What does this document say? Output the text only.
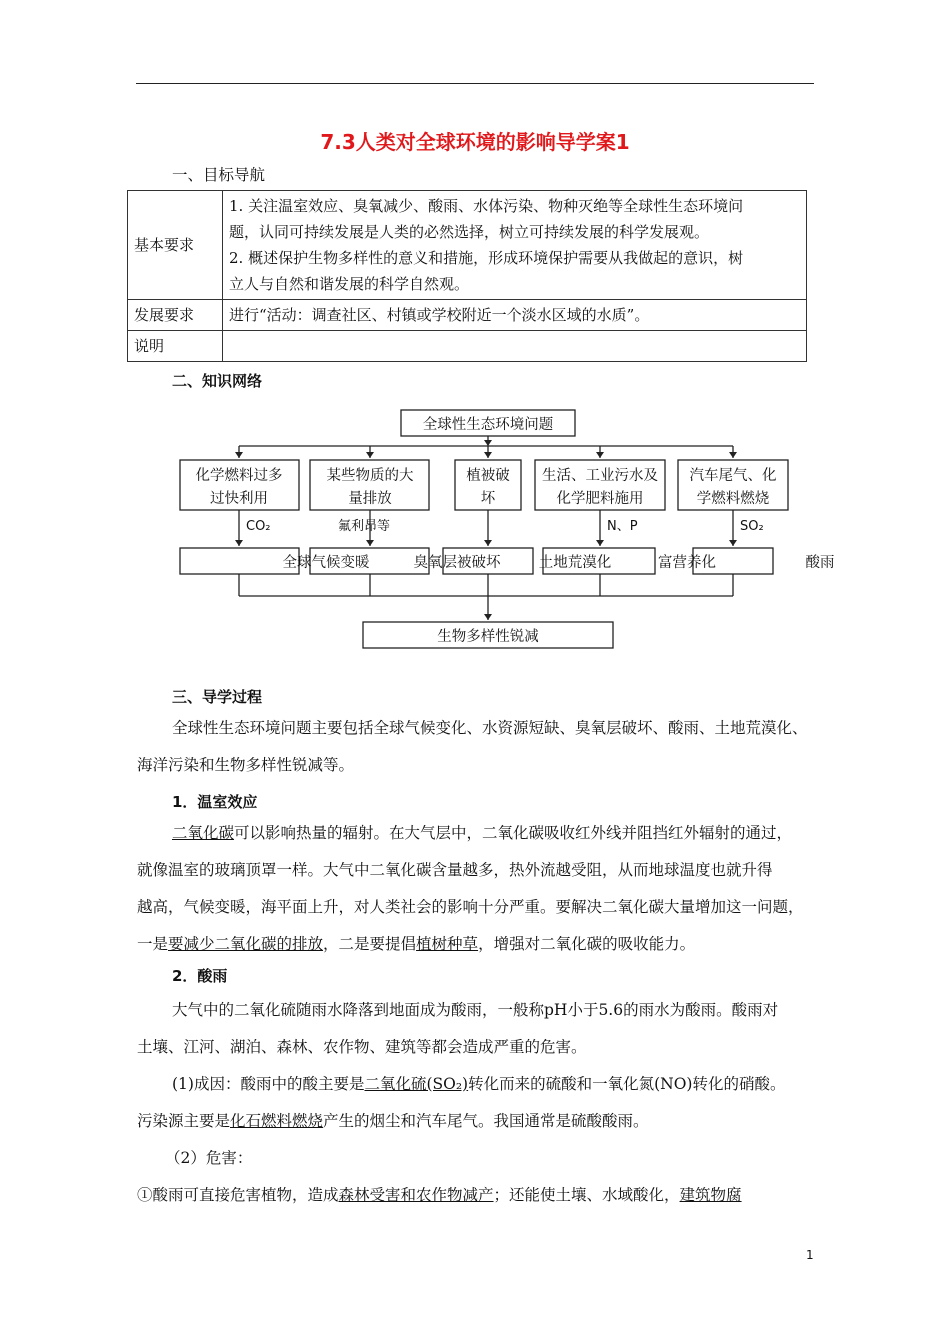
7.3人类对全球环境的影响导学案1
一、目标导航
基本要求	1. 关注温室效应、臭氧减少、酸雨、水体污染、物种灭绝等全球性生态环境问
题，认同可持续发展是人类的必然选择，树立可持续发展的科学发展观。
2. 概述保护生物多样性的意义和措施，形成环境保护需要从我做起的意识，树
立人与自然和谐发展的科学自然观。

发展要求	进行“活动：调查社区、村镇或学校附近一个淡水区域的水质”。
说明	
二、知识网络
全球性生态环境问题
化学燃料过多
过快利用
某些物质的大
量排放
植被破
坏
生活、工业污水及
化学肥料施用
汽车尾气、化
学燃料燃烧
全球气候变暖	臭氧层被破坏	土地荒漠化	富营养化	酸雨
生物多样性锐减
CO₂	氟利昂等	N、P	SO₂
三、导学过程
全球性生态环境问题主要包括全球气候变化、水资源短缺、臭氧层破坏、酸雨、土地荒漠化、
海洋污染和生物多样性锐减等。
1．温室效应
二氧化碳可以影响热量的辐射。在大气层中，二氧化碳吸收红外线并阻挡红外辐射的通过，
就像温室的玻璃顶罩一样。大气中二氧化碳含量越多，热外流越受阻，从而地球温度也就升得
越高，气候变暖，海平面上升，对人类社会的影响十分严重。要解决二氧化碳大量增加这一问题，
一是要减少二氧化碳的排放，二是要提倡植树种草，增强对二氧化碳的吸收能力。
2．酸雨
大气中的二氧化硫随雨水降落到地面成为酸雨，一般称pH小于5.6的雨水为酸雨。酸雨对
土壤、江河、湖泊、森林、农作物、建筑等都会造成严重的危害。
(1)成因：酸雨中的酸主要是二氧化硫(SO₂)转化而来的硫酸和一氧化氮(NO)转化的硝酸。
污染源主要是化石燃料燃烧产生的烟尘和汽车尾气。我国通常是硫酸酸雨。
（2）危害：
①酸雨可直接危害植物，造成森林受害和农作物减产；还能使土壤、水域酸化，建筑物腐
1
